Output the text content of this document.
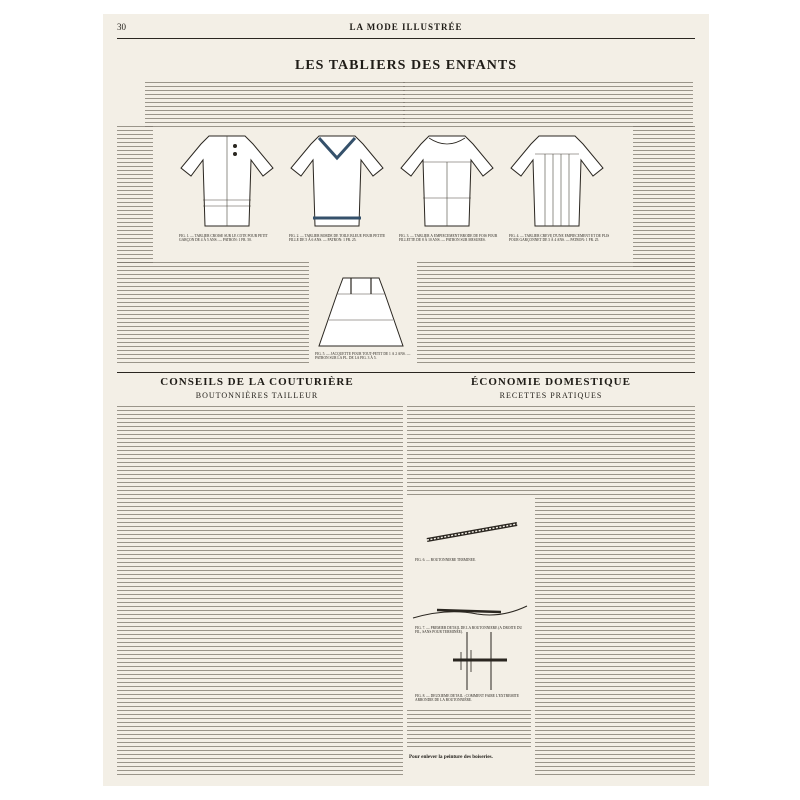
30	LA MODE ILLUSTRÉE
LES TABLIERS DES ENFANTS
FIG. 1. — TABLIER CROISÉ SUR LE CÔTÉ POUR PETIT GARÇON DE 4 À 5 ANS. — PATRON: 1 FR. 50.
FIG. 2. — TABLIER BORDÉ DE TOILE BLEUE POUR PETITE FILLE DE 5 À 6 ANS. — PATRON: 1 FR. 25.
FIG. 3. — TABLIER À EMPIÈCEMENT BRODÉ DE FOIS POUR FILLETTE DE 8 À 10 ANS. — PATRON SUR MESURES.
FIG. 4. — TABLIER CREVÉ D'UNE EMPIÈCEMENT ET DE PLIS POUR GARÇONNET DE 3 À 4 ANS. — PATRON: 1 FR. 25.
FIG. 5. — JACQUETTE POUR TOUT-PETIT DE 1 À 2 ANS. — PATRON SUR LA PL. DE LA FIG. 3 À 5.
CONSEILS DE LA COUTURIÈRE
BOUTONNIÈRES TAILLEUR
ÉCONOMIE DOMESTIQUE
RECETTES PRATIQUES
FIG. 6. — BOUTONNIÈRE TERMINÉE.
FIG. 7. — PREMIER DÉTAIL DE LA BOUTONNIÈRE (À DROITE DU FIL, SANS POUR TERMINÉE).
FIG. 8. — DEUXIÈME DÉTAIL : COMMENT FAIRE L'EXTRÉMITÉ ARRONDIE DE LA BOUTONNIÈRE.
Pour enlever la peinture des boiseries.
